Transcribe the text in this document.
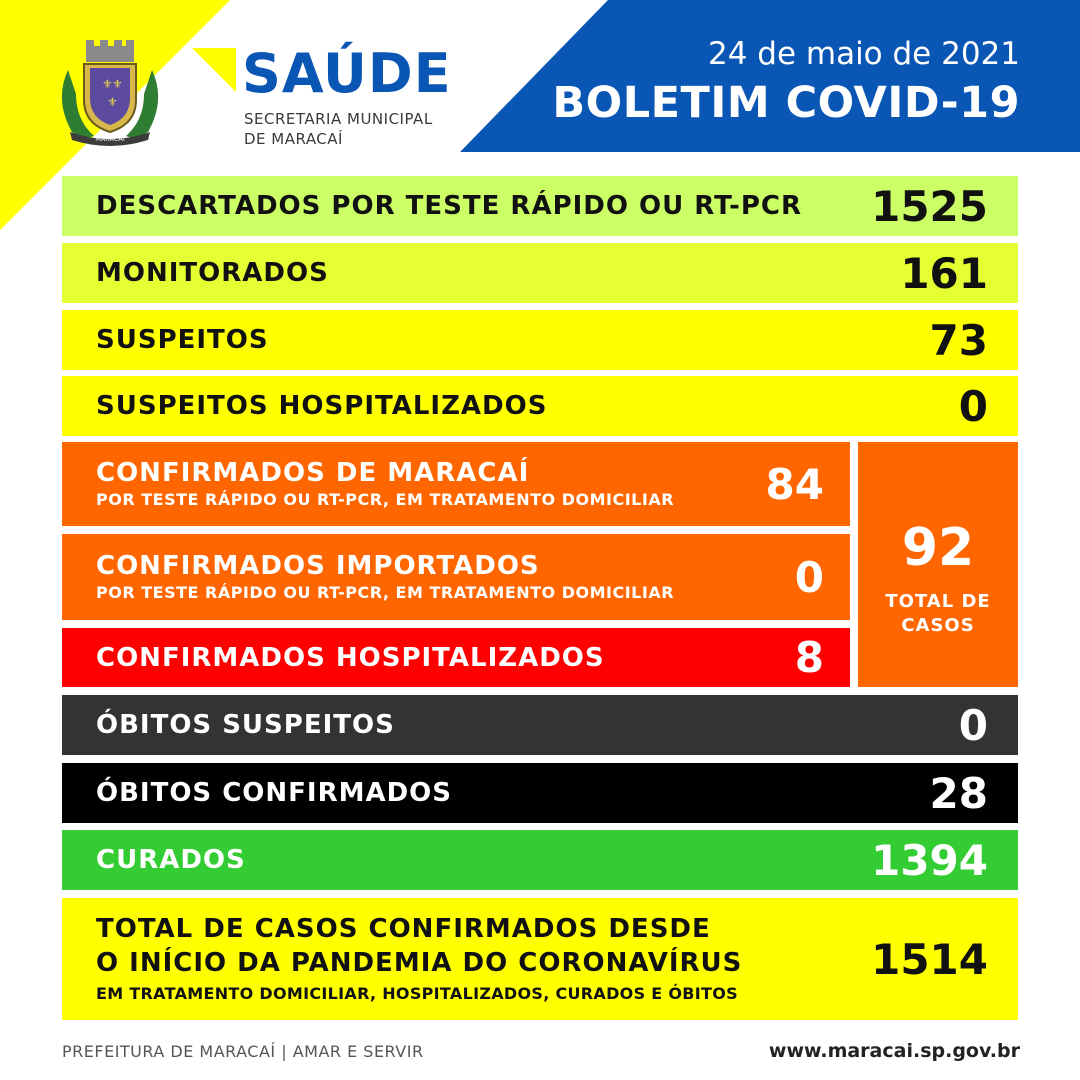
⚜ ⚜
⚜
MARACAÍ
SAÚDE
SECRETARIA MUNICIPAL
DE MARACAÍ
24 de maio de 2021
BOLETIM COVID-19
DESCARTADOS POR TESTE RÁPIDO OU RT-PCR 1525
MONITORADOS	161
SUSPEITOS	73
SUSPEITOS HOSPITALIZADOS	0
CONFIRMADOS DE MARACAÍ
POR TESTE RÁPIDO OU RT-PCR, EM TRATAMENTO DOMICILIAR 84
CONFIRMADOS IMPORTADOS
POR TESTE RÁPIDO OU RT-PCR, EM TRATAMENTO DOMICILIAR	0
CONFIRMADOS HOSPITALIZADOS	8
92
TOTAL DE
CASOS
ÓBITOS SUSPEITOS	0
ÓBITOS CONFIRMADOS	28
CURADOS	1394
TOTAL DE CASOS CONFIRMADOS DESDE
O INÍCIO DA PANDEMIA DO CORONAVÍRUS
EM TRATAMENTO DOMICILIAR, HOSPITALIZADOS, CURADOS E ÓBITOS
1514
PREFEITURA DE MARACAÍ | AMAR E SERVIR	www.maracai.sp.gov.br
